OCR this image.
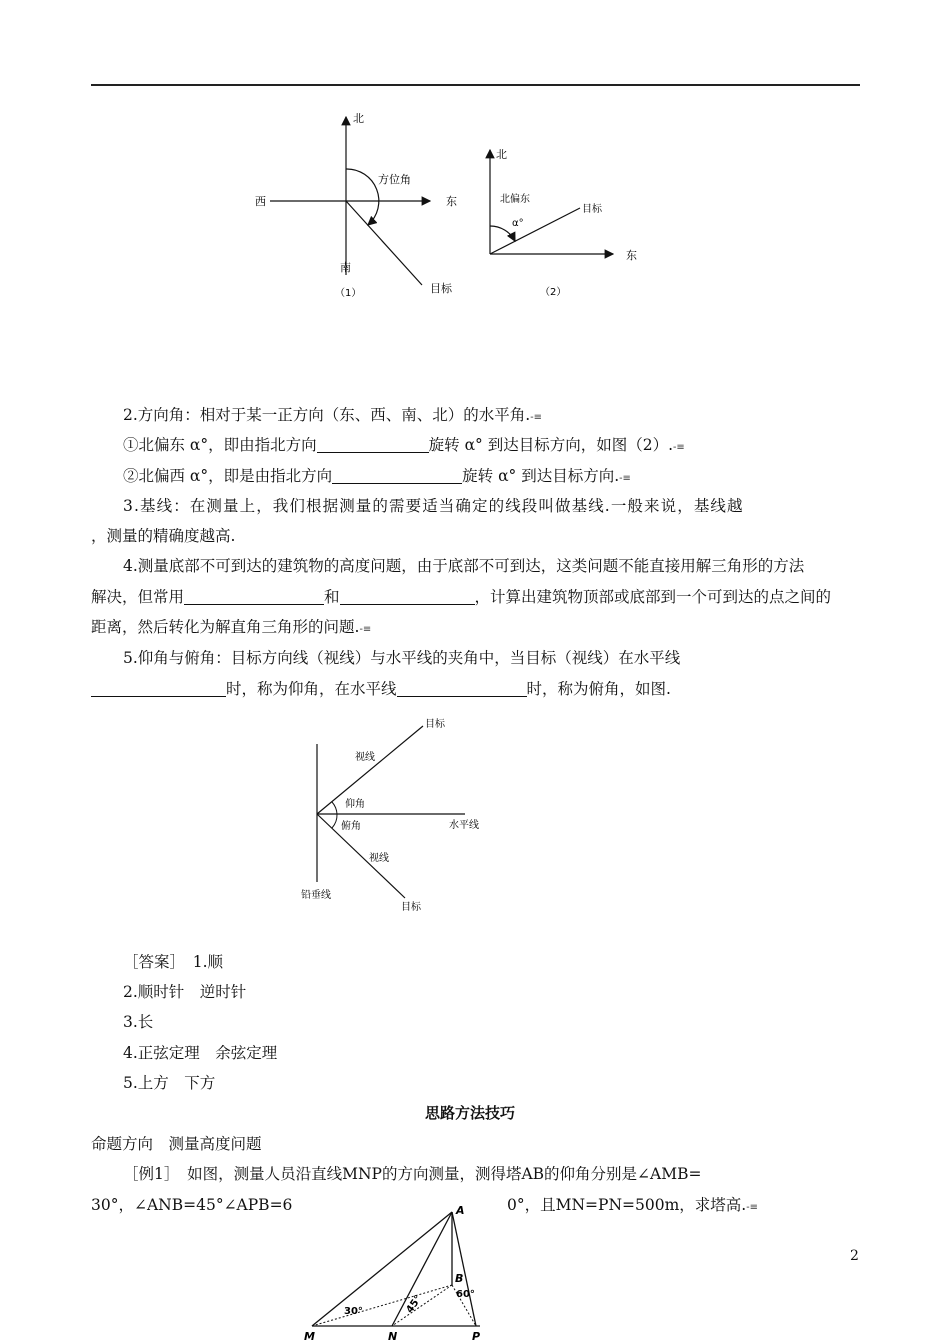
北
西	东
南
方位角
目标
（1）
北
东
北偏东
α°
目标
（2）
2.方向角：相对于某一正方向（东、西、南、北）的水平角.-≡
①北偏东 α°，即由指北方向	旋转 α° 到达目标方向，如图（2）.-≡
②北偏西 α°，即是由指北方向	旋转 α° 到达目标方向.-≡
3.基线：在测量上，我们根据测量的需要适当确定的线段叫做基线.一般来说，基线越
，测量的精确度越高.
4.测量底部不可到达的建筑物的高度问题，由于底部不可到达，这类问题不能直接用解三角形的方法
解决，但常用	和	，计算出建筑物顶部或底部到一个可到达的点之间的
距离，然后转化为解直角三角形的问题.-≡
5.仰角与俯角：目标方向线（视线）与水平线的夹角中，当目标（视线）在水平线
时，称为仰角，在水平线	时，称为俯角，如图.
目标
视线
仰角
俯角	水平线
视线
铅垂线
目标
［答案］　1.顺
2.顺时针　逆时针
3.长
4.正弦定理　余弦定理
5.上方　下方
思路方法技巧
命题方向　测量高度问题
［例1］　如图，测量人员沿直线MNP的方向测量，测得塔AB的仰角分别是∠AMB=
30°，∠ANB=45°∠APB=6	0°，且MN=PN=500m，求塔高.-≡
A
B
M	N	P
30°	45°	60°
2
